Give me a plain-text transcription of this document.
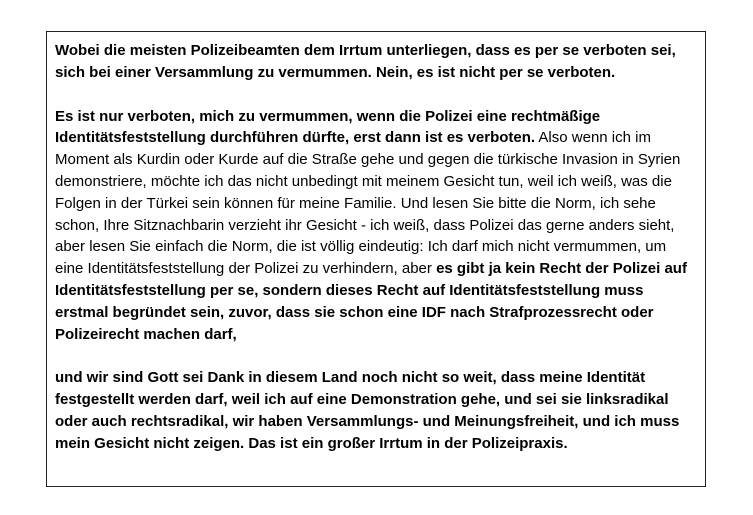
Wobei die meisten Polizeibeamten dem Irrtum unterliegen, dass es per se verboten sei, sich bei einer Versammlung zu vermummen. Nein, es ist nicht per se verboten.

Es ist nur verboten, mich zu vermummen, wenn die Polizei eine rechtmäßige Identitätsfeststellung durchführen dürfte, erst dann ist es verboten. Also wenn ich im Moment als Kurdin oder Kurde auf die Straße gehe und gegen die türkische Invasion in Syrien demonstriere, möchte ich das nicht unbedingt mit meinem Gesicht tun, weil ich weiß, was die Folgen in der Türkei sein können für meine Familie. Und lesen Sie bitte die Norm, ich sehe schon, Ihre Sitznachbarin verzieht ihr Gesicht - ich weiß, dass Polizei das gerne anders sieht, aber lesen Sie einfach die Norm, die ist völlig eindeutig: Ich darf mich nicht vermummen, um eine Identitätsfeststellung der Polizei zu verhindern, aber es gibt ja kein Recht der Polizei auf Identitätsfeststellung per se, sondern dieses Recht auf Identitätsfeststellung muss erstmal begründet sein, zuvor, dass sie schon eine IDF nach Strafprozessrecht oder Polizeirecht machen darf,

und wir sind Gott sei Dank in diesem Land noch nicht so weit, dass meine Identität festgestellt werden darf, weil ich auf eine Demonstration gehe, und sei sie linksradikal oder auch rechtsradikal, wir haben Versammlungs- und Meinungsfreiheit, und ich muss mein Gesicht nicht zeigen. Das ist ein großer Irrtum in der Polizeipraxis.
